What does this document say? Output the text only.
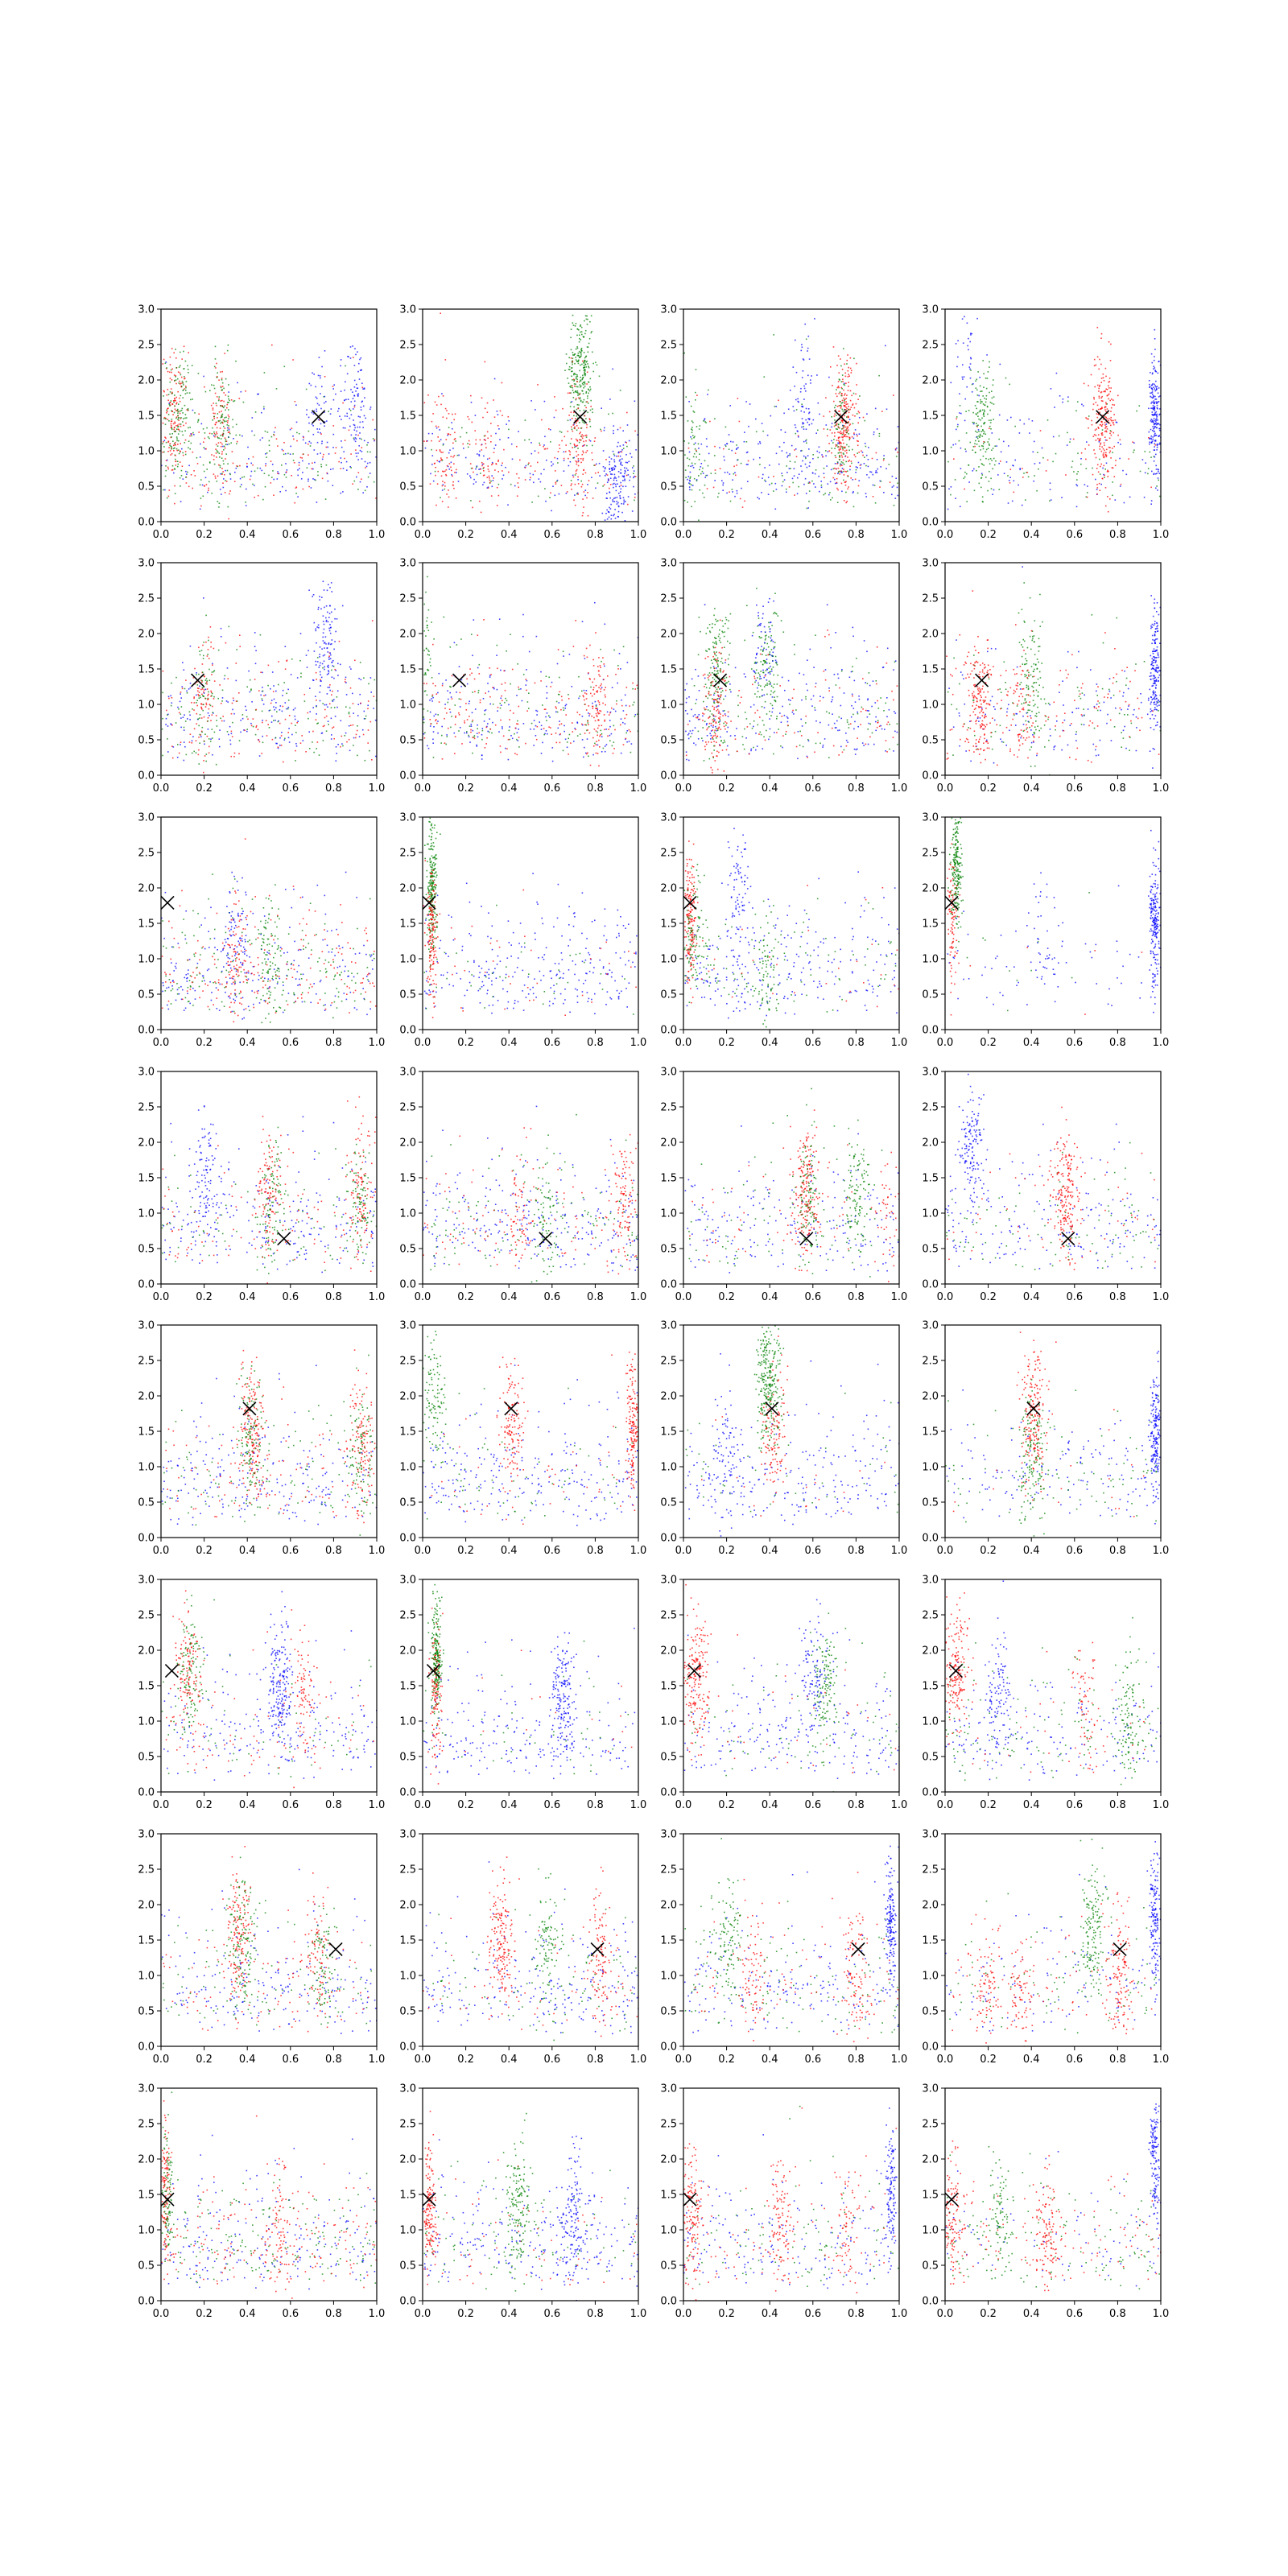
0.0	0.2	0.4	0.6	0.8	1.0
0.0
0.5
1.0
1.5
2.0
2.5
3.0
0.0	0.2	0.4	0.6	0.8	1.0
0.0
0.5
1.0
1.5
2.0
2.5
3.0
0.0	0.2	0.4	0.6	0.8	1.0
0.0
0.5
1.0
1.5
2.0
2.5
3.0
0.0	0.2	0.4	0.6	0.8	1.0
0.0
0.5
1.0
1.5
2.0
2.5
3.0
0.0	0.2	0.4	0.6	0.8	1.0
0.0
0.5
1.0
1.5
2.0
2.5
3.0
0.0	0.2	0.4	0.6	0.8	1.0
0.0
0.5
1.0
1.5
2.0
2.5
3.0
0.0	0.2	0.4	0.6	0.8	1.0
0.0
0.5
1.0
1.5
2.0
2.5
3.0
0.0	0.2	0.4	0.6	0.8	1.0
0.0
0.5
1.0
1.5
2.0
2.5
3.0
0.0	0.2	0.4	0.6	0.8	1.0
0.0
0.5
1.0
1.5
2.0
2.5
3.0
0.0	0.2	0.4	0.6	0.8	1.0
0.0
0.5
1.0
1.5
2.0
2.5
3.0
0.0	0.2	0.4	0.6	0.8	1.0
0.0
0.5
1.0
1.5
2.0
2.5
3.0
0.0	0.2	0.4	0.6	0.8	1.0
0.0
0.5
1.0
1.5
2.0
2.5
3.0
0.0	0.2	0.4	0.6	0.8	1.0
0.0
0.5
1.0
1.5
2.0
2.5
3.0
0.0	0.2	0.4	0.6	0.8	1.0
0.0
0.5
1.0
1.5
2.0
2.5
3.0
0.0	0.2	0.4	0.6	0.8	1.0
0.0
0.5
1.0
1.5
2.0
2.5
3.0
0.0	0.2	0.4	0.6	0.8	1.0
0.0
0.5
1.0
1.5
2.0
2.5
3.0
0.0	0.2	0.4	0.6	0.8	1.0
0.0
0.5
1.0
1.5
2.0
2.5
3.0
0.0	0.2	0.4	0.6	0.8	1.0
0.0
0.5
1.0
1.5
2.0
2.5
3.0
0.0	0.2	0.4	0.6	0.8	1.0
0.0
0.5
1.0
1.5
2.0
2.5
3.0
0.0	0.2	0.4	0.6	0.8	1.0
0.0
0.5
1.0
1.5
2.0
2.5
3.0
0.0	0.2	0.4	0.6	0.8	1.0
0.0
0.5
1.0
1.5
2.0
2.5
3.0
0.0	0.2	0.4	0.6	0.8	1.0
0.0
0.5
1.0
1.5
2.0
2.5
3.0
0.0	0.2	0.4	0.6	0.8	1.0
0.0
0.5
1.0
1.5
2.0
2.5
3.0
0.0	0.2	0.4	0.6	0.8	1.0
0.0
0.5
1.0
1.5
2.0
2.5
3.0
0.0	0.2	0.4	0.6	0.8	1.0
0.0
0.5
1.0
1.5
2.0
2.5
3.0
0.0	0.2	0.4	0.6	0.8	1.0
0.0
0.5
1.0
1.5
2.0
2.5
3.0
0.0	0.2	0.4	0.6	0.8	1.0
0.0
0.5
1.0
1.5
2.0
2.5
3.0
0.0	0.2	0.4	0.6	0.8	1.0
0.0
0.5
1.0
1.5
2.0
2.5
3.0
0.0	0.2	0.4	0.6	0.8	1.0
0.0
0.5
1.0
1.5
2.0
2.5
3.0
0.0	0.2	0.4	0.6	0.8	1.0
0.0
0.5
1.0
1.5
2.0
2.5
3.0
0.0	0.2	0.4	0.6	0.8	1.0
0.0
0.5
1.0
1.5
2.0
2.5
3.0
0.0	0.2	0.4	0.6	0.8	1.0
0.0
0.5
1.0
1.5
2.0
2.5
3.0
